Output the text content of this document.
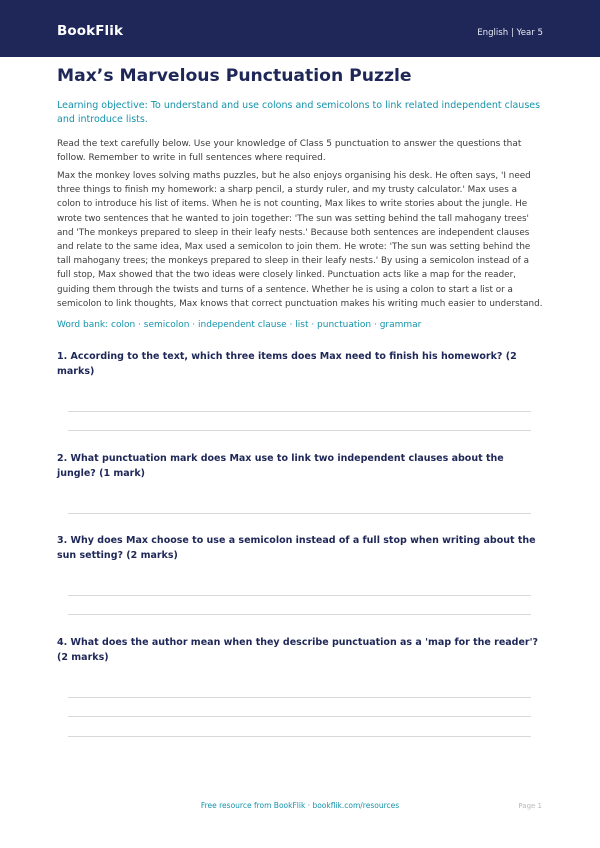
BookFlik	English | Year 5
Max’s Marvelous Punctuation Puzzle
Learning objective: To understand and use colons and semicolons to link related independent clauses and introduce lists.
Read the text carefully below. Use your knowledge of Class 5 punctuation to answer the questions that follow. Remember to write in full sentences where required.
Max the monkey loves solving maths puzzles, but he also enjoys organising his desk. He often says, 'I need three things to finish my homework: a sharp pencil, a sturdy ruler, and my trusty calculator.' Max uses a colon to introduce his list of items. When he is not counting, Max likes to write stories about the jungle. He wrote two sentences that he wanted to join together: 'The sun was setting behind the tall mahogany trees' and 'The monkeys prepared to sleep in their leafy nests.' Because both sentences are independent clauses and relate to the same idea, Max used a semicolon to join them. He wrote: 'The sun was setting behind the tall mahogany trees; the monkeys prepared to sleep in their leafy nests.' By using a semicolon instead of a full stop, Max showed that the two ideas were closely linked. Punctuation acts like a map for the reader, guiding them through the twists and turns of a sentence. Whether he is using a colon to start a list or a semicolon to link thoughts, Max knows that correct punctuation makes his writing much easier to understand.
Word bank: colon · semicolon · independent clause · list · punctuation · grammar
1. According to the text, which three items does Max need to finish his homework? (2 marks)
2. What punctuation mark does Max use to link two independent clauses about the jungle? (1 mark)
3. Why does Max choose to use a semicolon instead of a full stop when writing about the sun setting? (2 marks)
4. What does the author mean when they describe punctuation as a 'map for the reader'? (2 marks)
Free resource from BookFlik · bookflik.com/resources	Page 1
